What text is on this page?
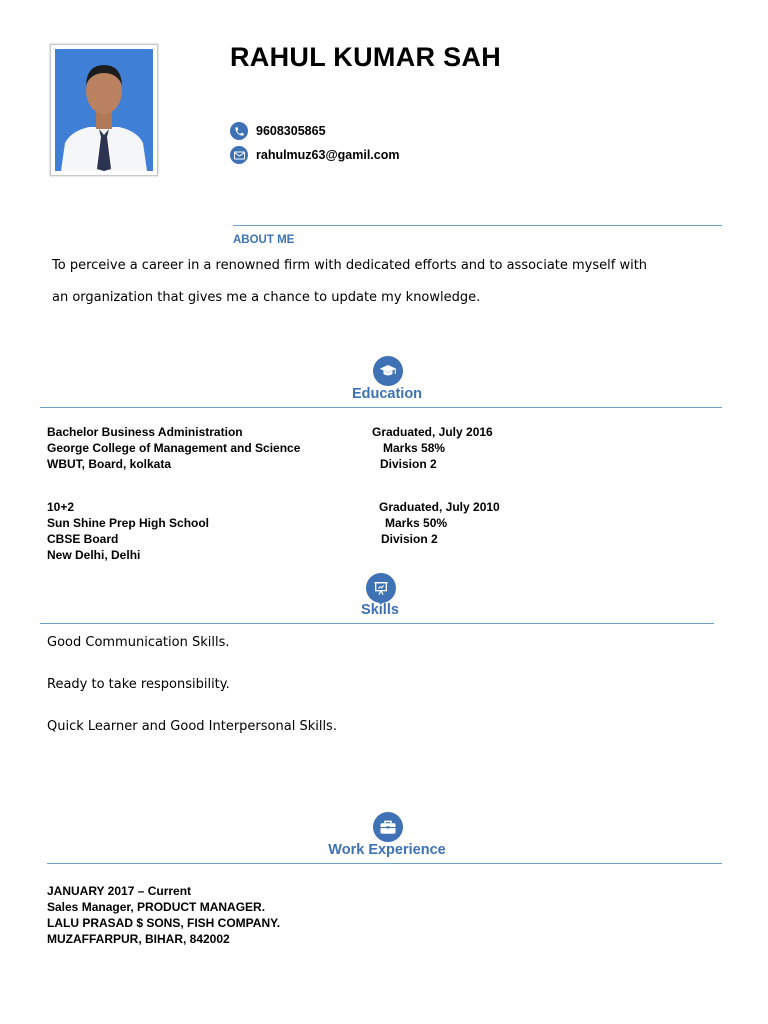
RAHUL KUMAR SAH
9608305865
rahulmuz63@gamil.com
ABOUT ME
To perceive a career in a renowned firm with dedicated efforts and to associate myself with
an organization that gives me a chance to update my knowledge.
Education
Bachelor Business Administration
George College of Management and Science
WBUT, Board, kolkata
Graduated, July 2016
Marks 58%
Division 2
10+2
Sun Shine Prep High School
CBSE Board
New Delhi, Delhi
Graduated, July 2010
Marks 50%
Division 2
Skills
Good Communication Skills.
Ready to take responsibility.
Quick Learner and Good Interpersonal Skills.
Work Experience
JANUARY 2017 – Current
Sales Manager, PRODUCT MANAGER.
LALU PRASAD $ SONS, FISH COMPANY.
MUZAFFARPUR, BIHAR, 842002
